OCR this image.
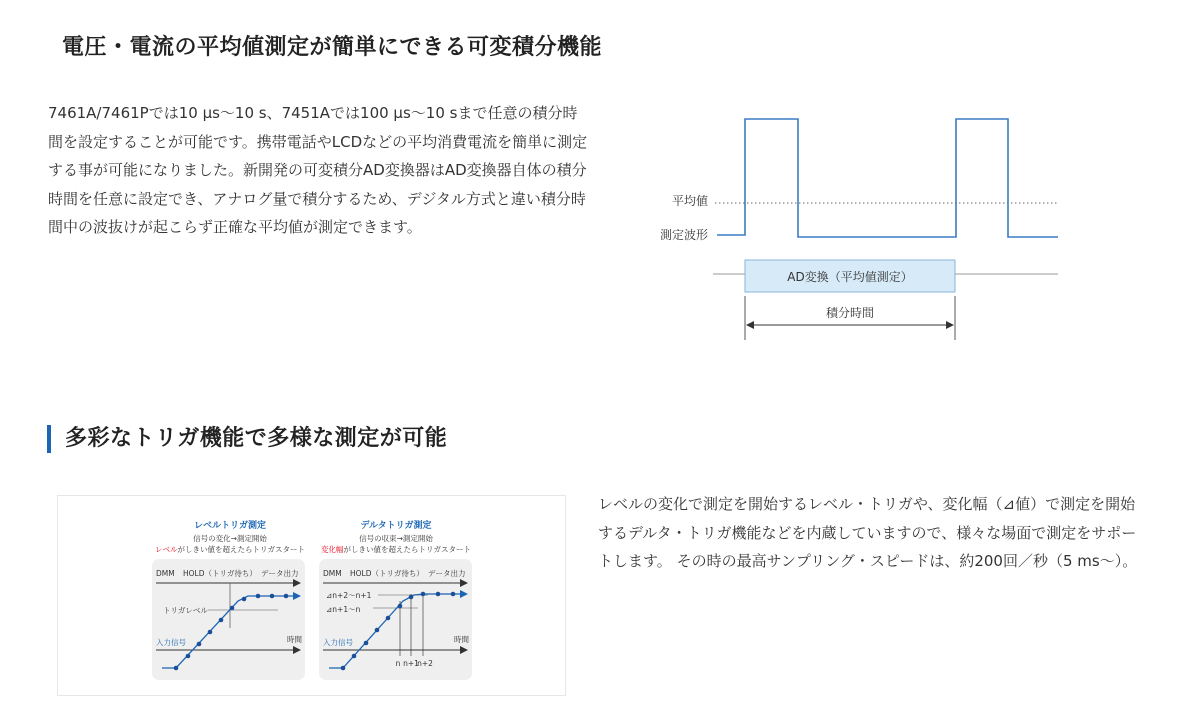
電圧・電流の平均値測定が簡単にできる可変積分機能
7461A/7461Pでは10 μs〜10 s、7451Aでは100 μs〜10 sまで任意の積分時間を設定することが可能です。携帯電話やLCDなどの平均消費電流を簡単に測定する事が可能になりました。新開発の可変積分AD変換器はAD変換器自体の積分時間を任意に設定でき、アナログ量で積分するため、デジタル方式と違い積分時間中の波抜けが起こらず正確な平均値が測定できます。
平均値
測定波形
AD変換（平均値測定）
積分時間
多彩なトリガ機能で多様な測定が可能
レベルトリガ測定
信号の変化→測定開始
レベルがしきい値を超えたらトリガスタート
DMM HOLD（トリガ待ち） データ出力
トリガレベル
時間
入力信号
デルタトリガ測定
信号の収束→測定開始
変化幅がしきい値を超えたらトリガスタート
DMM HOLD（トリガ待ち） データ出力
⊿n+2〜n+1
⊿n+1〜n
時間
入力信号
n n+1
n+2
レベルの変化で測定を開始するレベル・トリガや、変化幅（⊿値）で測定を開始するデルタ・トリガ機能などを内蔵していますので、様々な場面で測定をサポートします。 その時の最高サンプリング・スピードは、約200回／秒（5 ms〜）。
